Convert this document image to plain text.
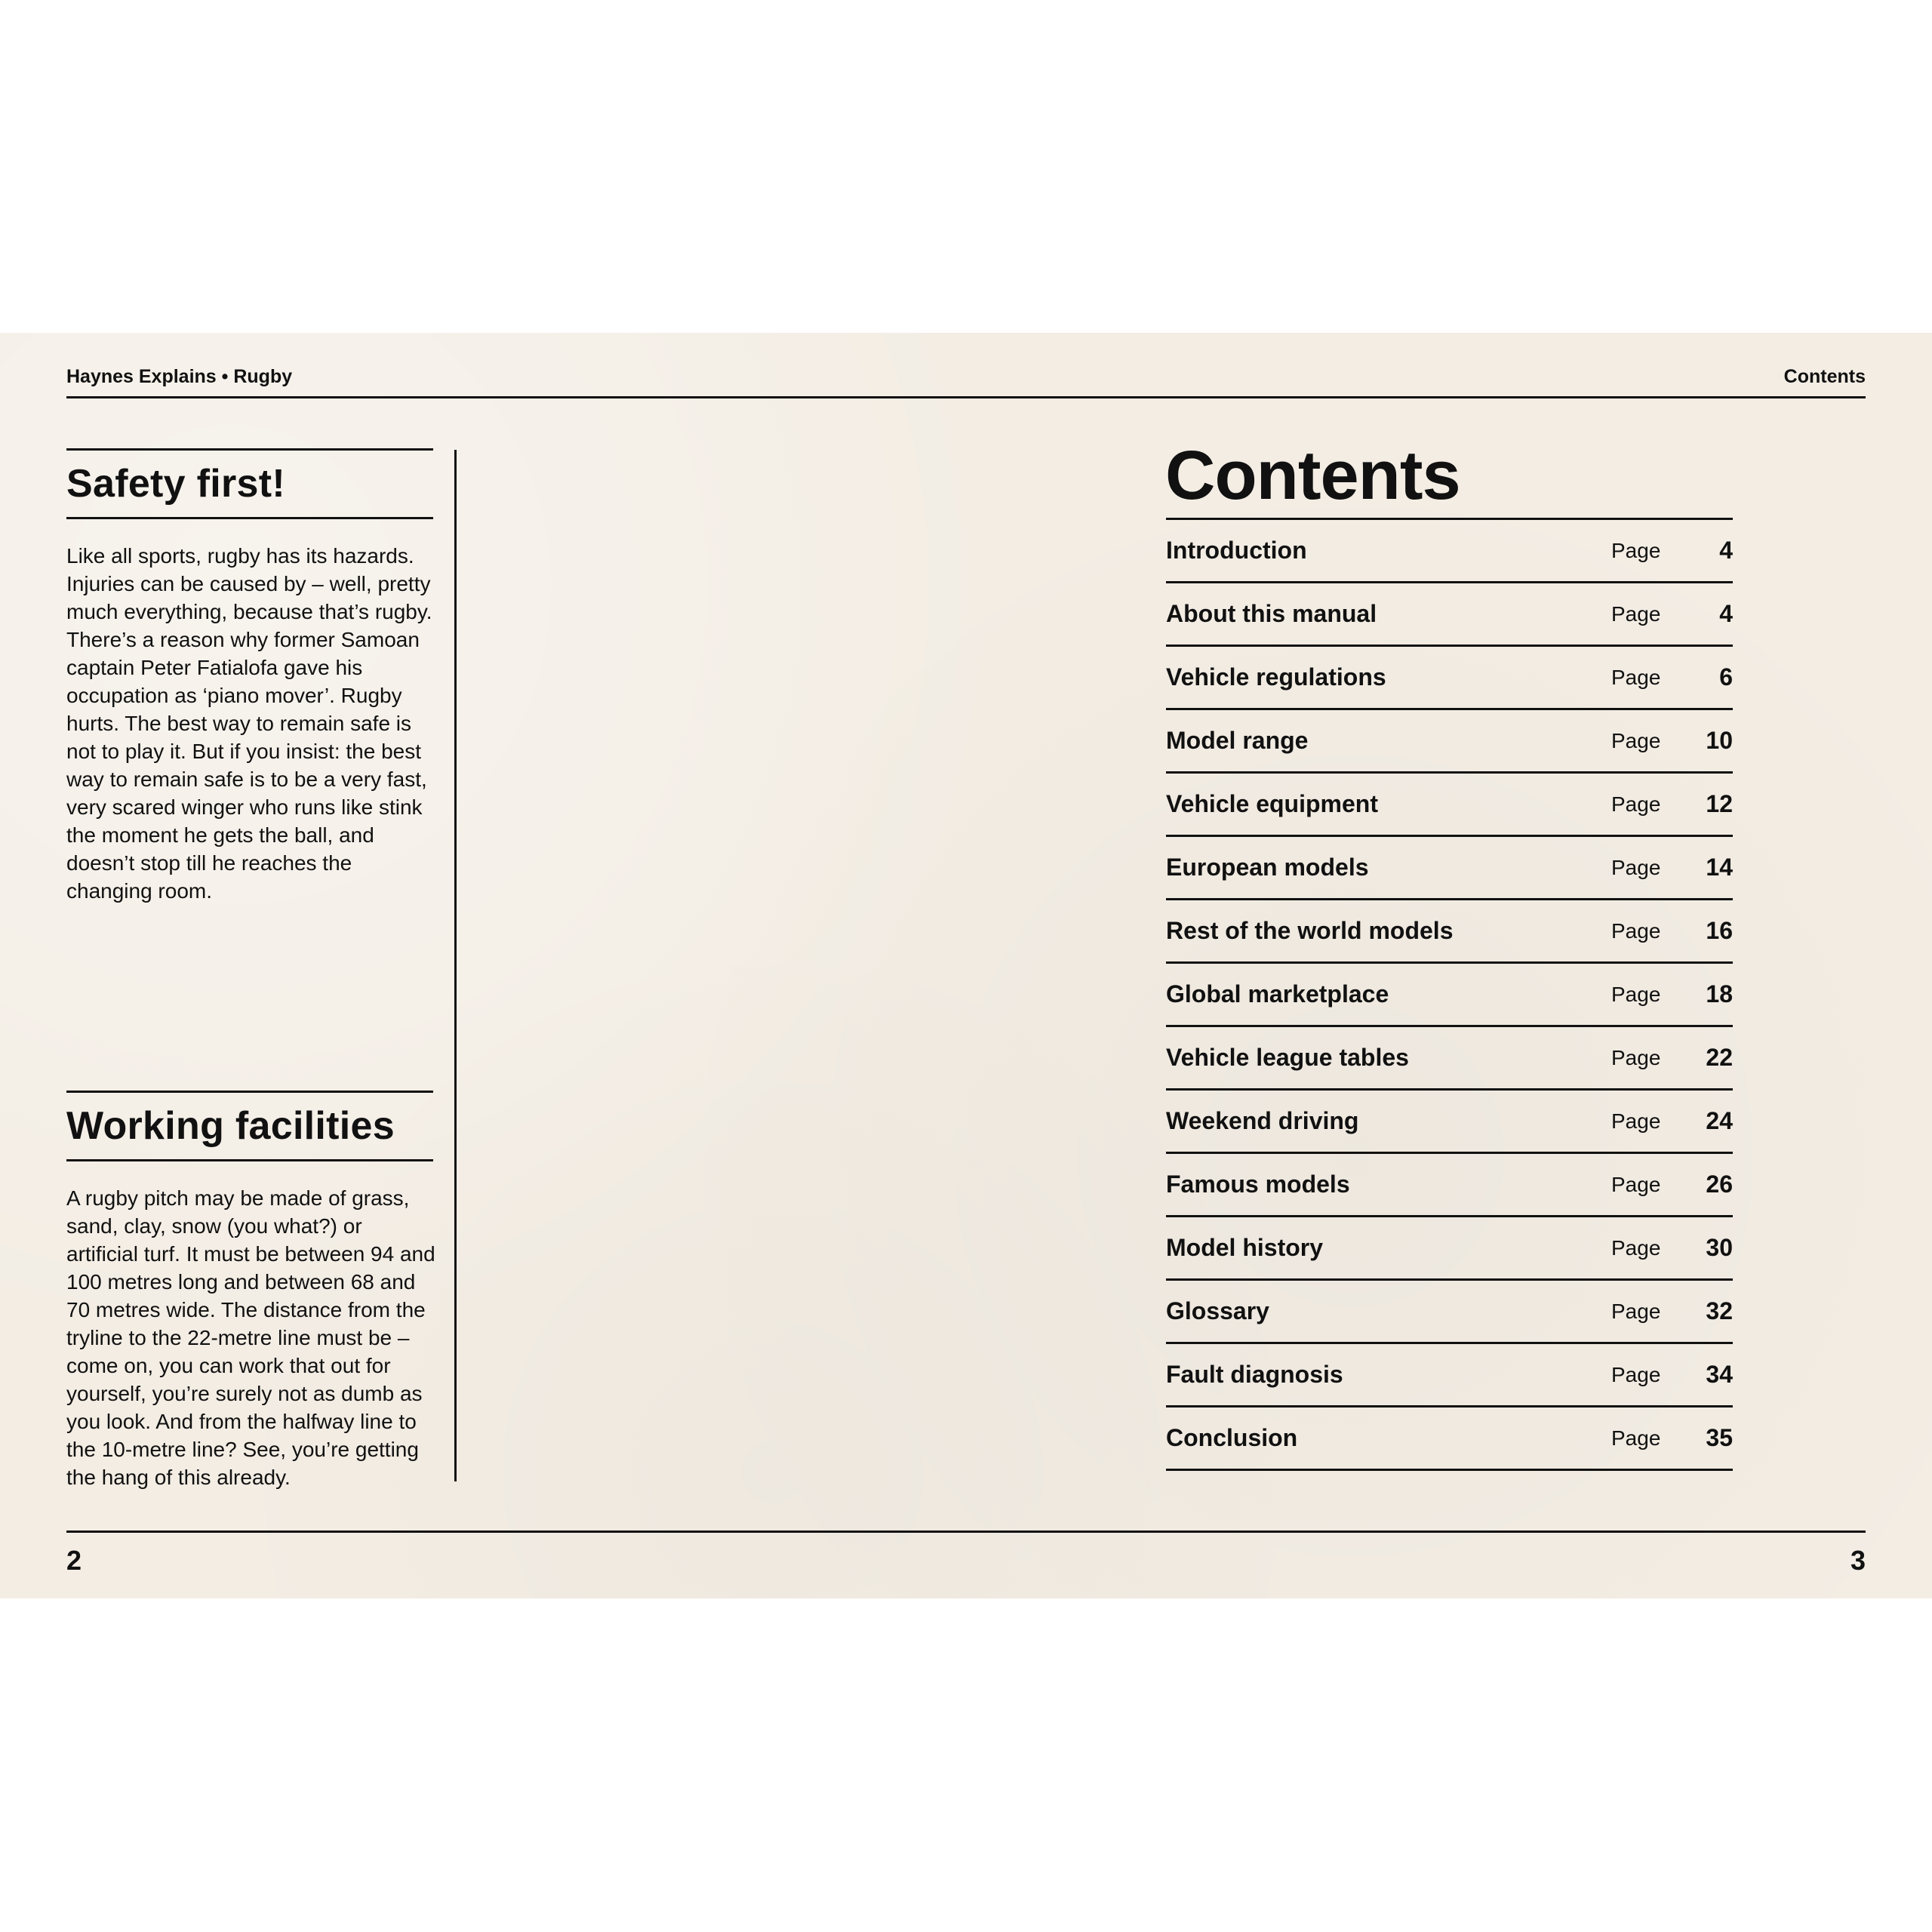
Haynes Explains • Rugby	Contents
Safety first!

Like all sports, rugby has its hazards. Injuries can be caused by – well, pretty much everything, because that’s rugby. There’s a reason why former Samoan captain Peter Fatialofa gave his occupation as ‘piano mover’. Rugby hurts. The best way to remain safe is not to play it. But if you insist: the best way to remain safe is to be a very fast, very scared winger who runs like stink the moment he gets the ball, and doesn’t stop till he reaches the changing room.

Working facilities

A rugby pitch may be made of grass, sand, clay, snow (you what?) or artificial turf. It must be between 94 and 100 metres long and between 68 and 70 metres wide. The distance from the tryline to the 22-metre line must be – come on, you can work that out for yourself, you’re surely not as dumb as you look. And from the halfway line to the 10-metre line? See, you’re getting the hang of this already.

Contents
Introduction	Page 4
About this manual	Page 4
Vehicle regulations	Page 6
Model range	Page 10
Vehicle equipment	Page 12
European models	Page 14
Rest of the world models	Page 16
Global marketplace	Page 18
Vehicle league tables	Page 22
Weekend driving	Page 24
Famous models	Page 26
Model history	Page 30
Glossary	Page 32
Fault diagnosis	Page 34
Conclusion	Page 35
2	3
